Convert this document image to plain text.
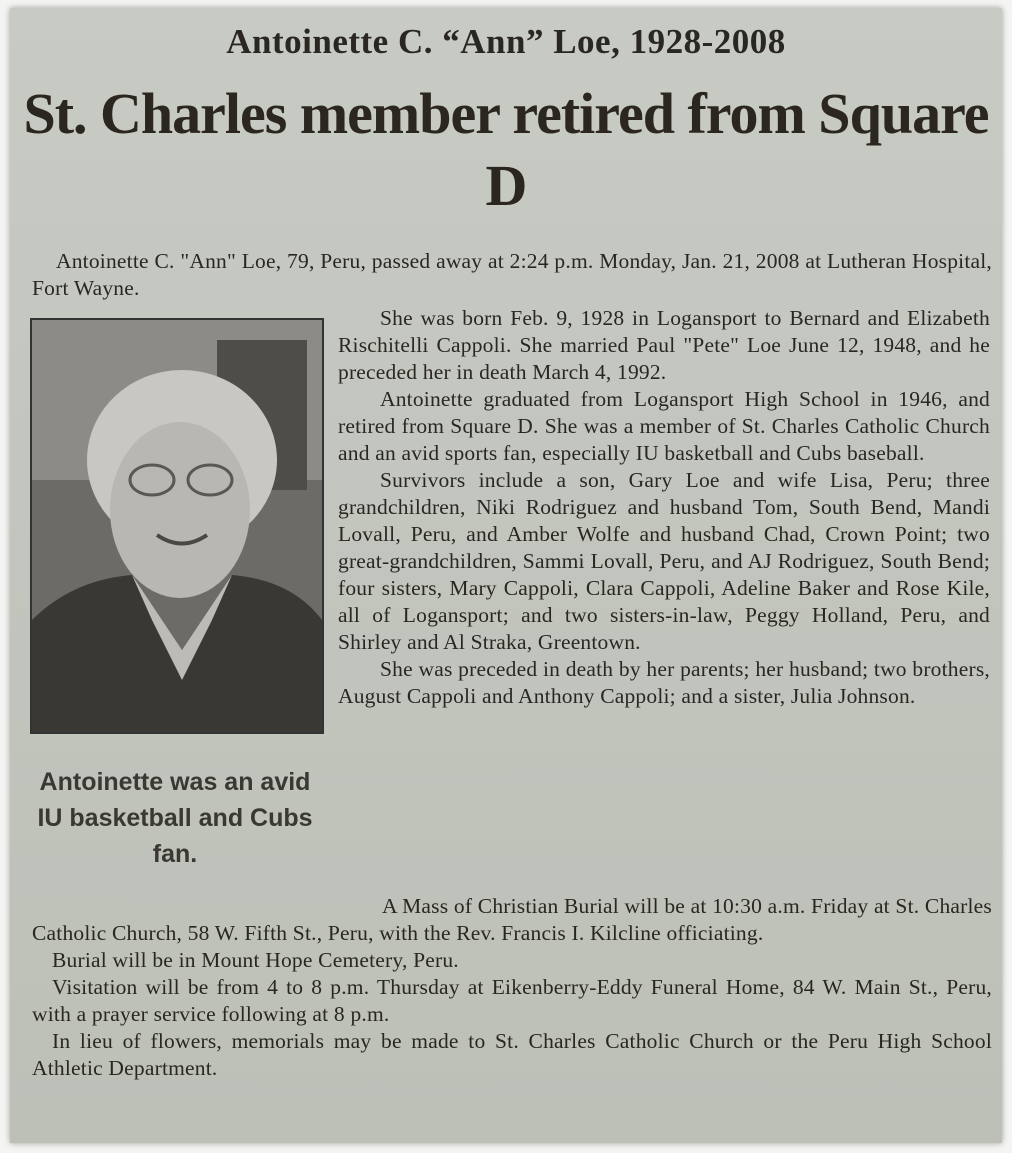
Antoinette C. “Ann” Loe, 1928-2008
St. Charles member retired from Square D
Antoinette C. "Ann" Loe, 79, Peru, passed away at 2:24 p.m. Monday, Jan. 21, 2008 at Lutheran Hospital, Fort Wayne.
Antoinette was an avid IU basketball and Cubs fan.

She was born Feb. 9, 1928 in Logansport to Bernard and Elizabeth Rischitelli Cappoli. She married Paul "Pete" Loe June 12, 1948, and he preceded her in death March 4, 1992.

Antoinette graduated from Logansport High School in 1946, and retired from Square D. She was a member of St. Charles Catholic Church and an avid sports fan, especially IU basketball and Cubs baseball.

Survivors include a son, Gary Loe and wife Lisa, Peru; three grandchildren, Niki Rodriguez and husband Tom, South Bend, Mandi Lovall, Peru, and Amber Wolfe and husband Chad, Crown Point; two great-grandchildren, Sammi Lovall, Peru, and AJ Rodriguez, South Bend; four sisters, Mary Cappoli, Clara Cappoli, Adeline Baker and Rose Kile, all of Logansport; and two sisters-in-law, Peggy Holland, Peru, and Shirley and Al Straka, Greentown.

She was preceded in death by her parents; her husband; two brothers, August Cappoli and Anthony Cappoli; and a sister, Julia Johnson.

A Mass of Christian Burial will be at 10:30 a.m. Friday at St. Charles Catholic Church, 58 W. Fifth St., Peru, with the Rev. Francis I. Kilcline officiating.

Burial will be in Mount Hope Cemetery, Peru.

Visitation will be from 4 to 8 p.m. Thursday at Eikenberry-Eddy Funeral Home, 84 W. Main St., Peru, with a prayer service following at 8 p.m.

In lieu of flowers, memorials may be made to St. Charles Catholic Church or the Peru High School Athletic Department.
